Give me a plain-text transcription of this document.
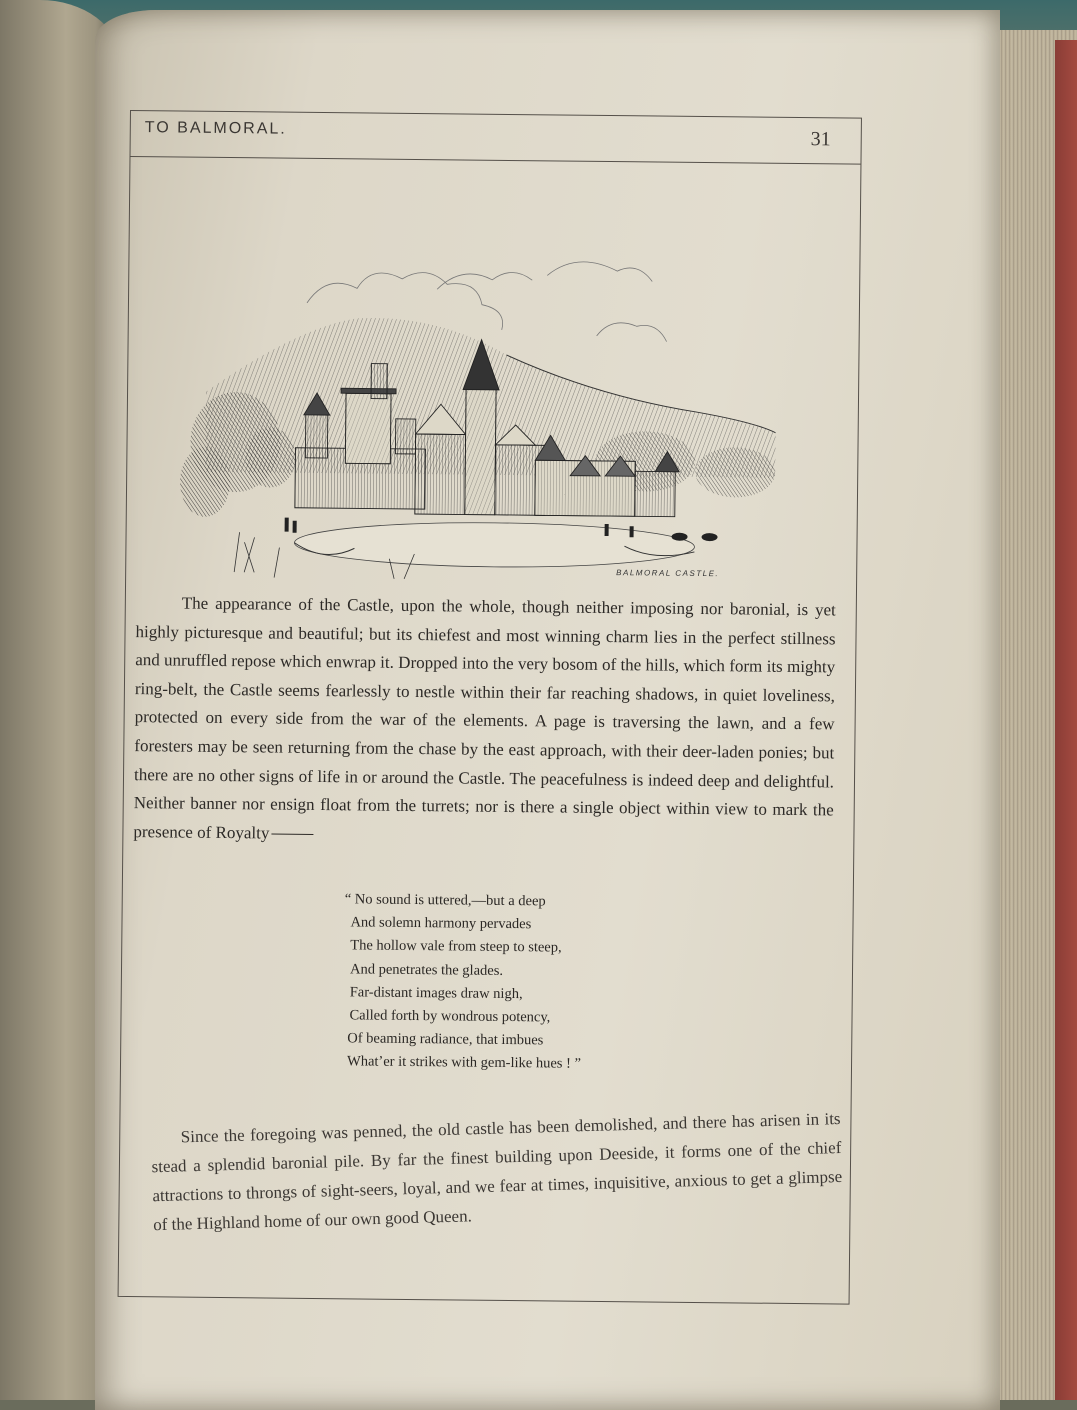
TO BALMORAL.	31
BALMORAL CASTLE.
The appearance of the Castle, upon the whole, though neither imposing nor baronial, is yet highly picturesque and beautiful; but its chiefest and most winning charm lies in the perfect stillness and unruffled repose which enwrap it. Dropped into the very bosom of the hills, which form its mighty ring-belt, the Castle seems fearlessly to nestle within their far reaching shadows, in quiet loveliness, protected on every side from the war of the elements. A page is traversing the lawn, and a few foresters may be seen returning from the chase by the east approach, with their deer-laden ponies; but there are no other signs of life in or around the Castle. The peacefulness is indeed deep and delightful. Neither banner nor ensign float from the turrets; nor is there a single object within view to mark the presence of Royalty
“ No sound is uttered,—but a deep
And solemn harmony pervades
The hollow vale from steep to steep,
And penetrates the glades.
Far-distant images draw nigh,
Called forth by wondrous potency,
Of beaming radiance, that imbues
What’er it strikes with gem-like hues ! ”
Since the foregoing was penned, the old castle has been demolished, and there has arisen in its stead a splendid baronial pile. By far the finest building upon Deeside, it forms one of the chief attractions to throngs of sight-seers, loyal, and we fear at times, inquisitive, anxious to get a glimpse of the Highland home of our own good Queen.
